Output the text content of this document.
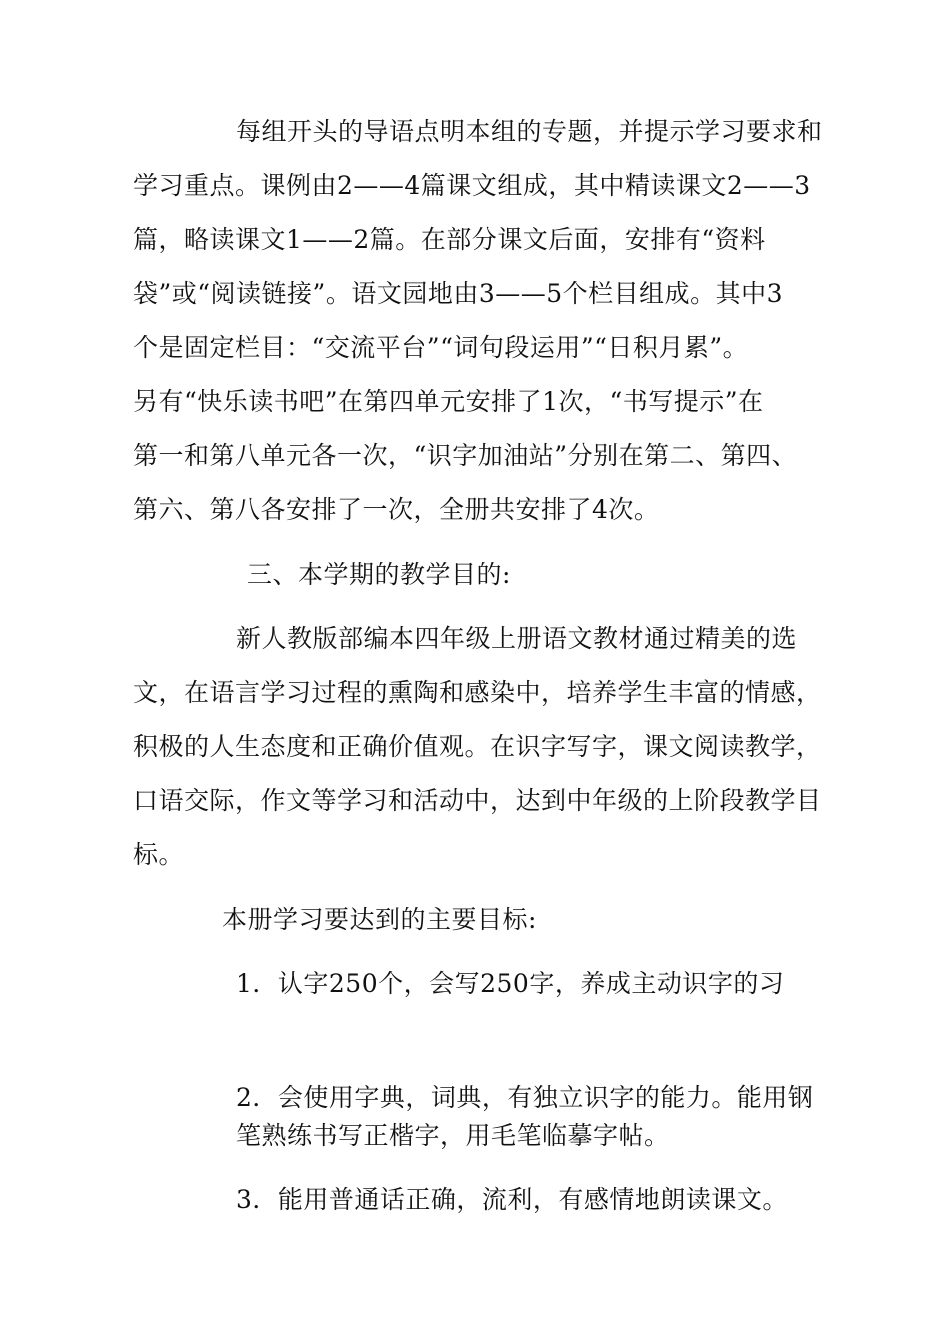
每组开头的导语点明本组的专题，并提示学习要求和
学习重点。课例由2——4篇课文组成，其中精读课文2——3
篇，略读课文1——2篇。在部分课文后面，安排有“资料
袋”或“阅读链接”。语文园地由3——5个栏目组成。其中3
个是固定栏目：“交流平台”“词句段运用”“日积月累”。
另有“快乐读书吧”在第四单元安排了1次，“书写提示”在
第一和第八单元各一次，“识字加油站”分别在第二、第四、
第六、第八各安排了一次，全册共安排了4次。
三、本学期的教学目的:
新人教版部编本四年级上册语文教材通过精美的选
文，在语言学习过程的熏陶和感染中，培养学生丰富的情感，
积极的人生态度和正确价值观。在识字写字，课文阅读教学，
口语交际，作文等学习和活动中，达到中年级的上阶段教学目
标。
本册学习要达到的主要目标:
1．认字250个，会写250字，养成主动识字的习
2．会使用字典，词典，有独立识字的能力。能用钢
笔熟练书写正楷字，用毛笔临摹字帖。
3．能用普通话正确，流利，有感情地朗读课文。
